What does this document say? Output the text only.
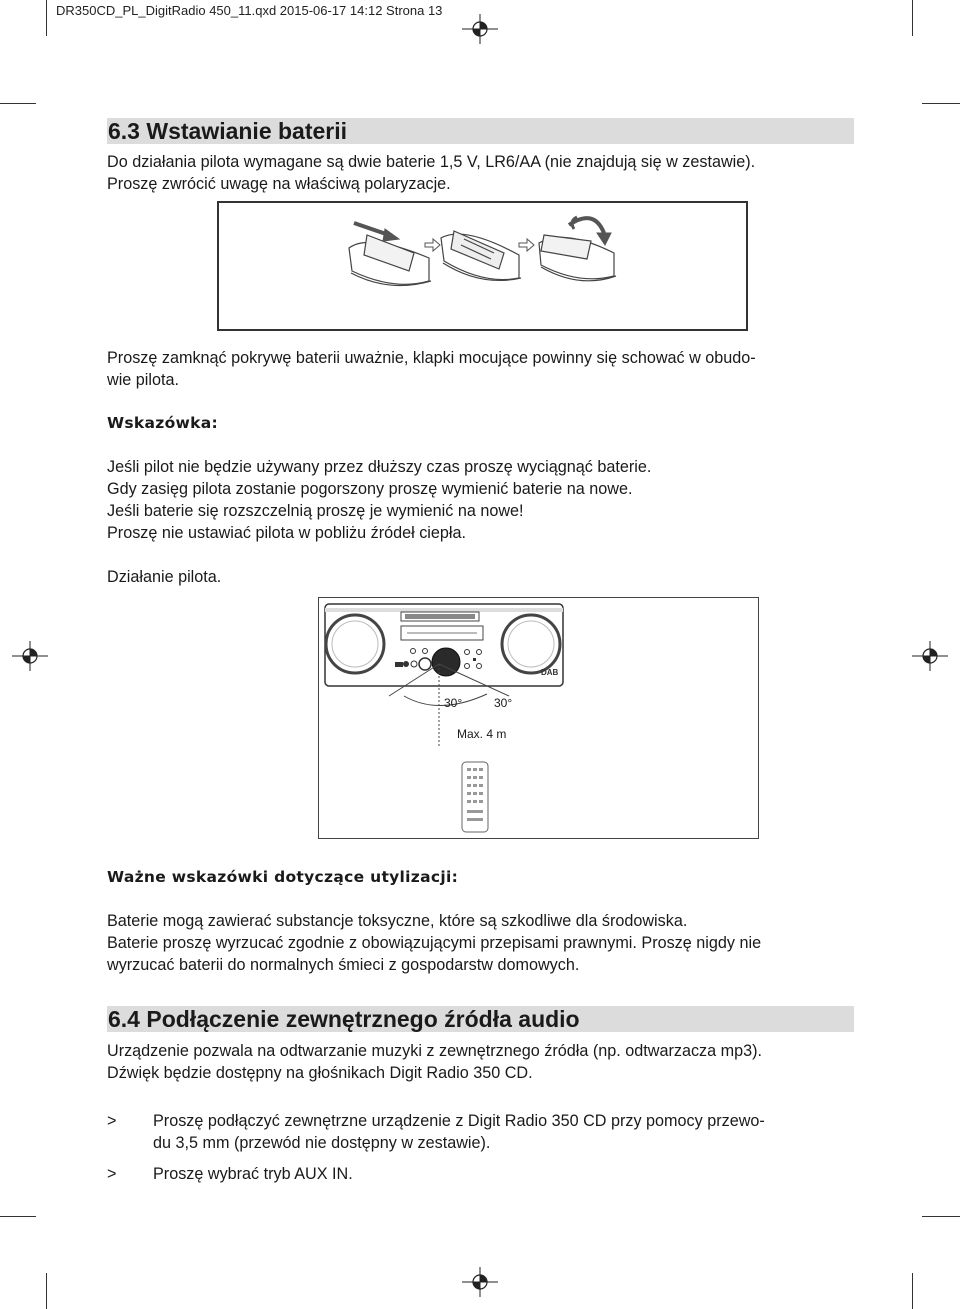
DR350CD_PL_DigitRadio 450_11.qxd 2015-06-17 14:12 Strona 13
6.3 Wstawianie baterii
Do działania pilota wymagane są dwie baterie 1,5 V, LR6/AA (nie znajdują się w zestawie).
Proszę zwrócić uwagę na właściwą polaryzacje.
Proszę zamknąć pokrywę baterii uważnie, klapki mocujące powinny się schować w obudo-
wie pilota.
Wskazówka:
Jeśli pilot nie będzie używany przez dłuższy czas proszę wyciągnąć baterie.
Gdy zasięg pilota zostanie pogorszony proszę wymienić baterie na nowe.
Jeśli baterie się rozszczelnią proszę je wymienić na nowe!
Proszę nie ustawiać pilota w pobliżu źródeł ciepła.
Działanie pilota.
30°	30°
Max. 4 m
DAB
Ważne wskazówki dotyczące utylizacji:
Baterie mogą zawierać substancje toksyczne, które są szkodliwe dla środowiska.
Baterie proszę wyrzucać zgodnie z obowiązującymi przepisami prawnymi. Proszę nigdy nie
wyrzucać baterii do normalnych śmieci z gospodarstw domowych.
6.4 Podłączenie zewnętrznego źródła audio
Urządzenie pozwala na odtwarzanie muzyki z zewnętrznego źródła (np. odtwarzacza mp3).
Dźwięk będzie dostępny na głośnikach Digit Radio 350 CD.
> Proszę podłączyć zewnętrzne urządzenie z Digit Radio 350 CD przy pomocy przewo-
du 3,5 mm (przewód nie dostępny w zestawie).
> Proszę wybrać tryb AUX IN.
